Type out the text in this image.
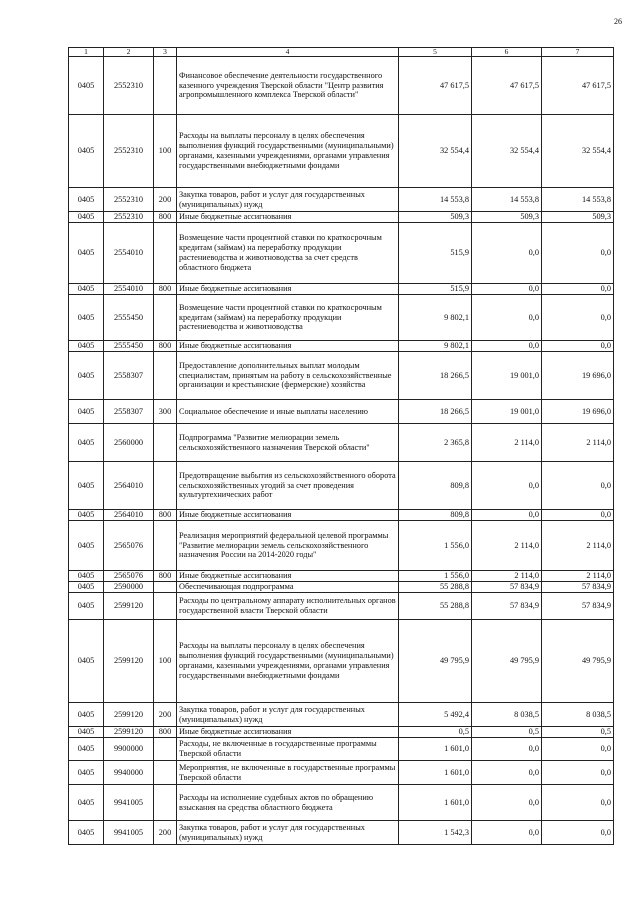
26
1	2	3	4	5	6	7
0405	2552310		Финансовое обеспечение деятельности государственного казенного учреждения Тверской области "Центр развития агропромышленного комплекса Тверской области"	47 617,5	47 617,5	47 617,5
0405	2552310	100	Расходы на выплаты персоналу в целях обеспечения выполнения функций государственными (муниципальными) органами, казенными учреждениями, органами управления государственными внебюджетными фондами	32 554,4	32 554,4	32 554,4
0405	2552310	200	Закупка товаров, работ и услуг для государственных (муниципальных) нужд	14 553,8	14 553,8	14 553,8
0405	2552310	800	Иные бюджетные ассигнования	509,3	509,3	509,3
0405	2554010		Возмещение части процентной ставки по краткосрочным кредитам (займам) на переработку продукции растениеводства и животноводства за счет средств областного бюджета	515,9	0,0	0,0
0405	2554010	800	Иные бюджетные ассигнования	515,9	0,0	0,0
0405	2555450		Возмещение части процентной ставки по краткосрочным кредитам (займам) на переработку продукции растениеводства и животноводства	9 802,1	0,0	0,0
0405	2555450	800	Иные бюджетные ассигнования	9 802,1	0,0	0,0
0405	2558307		Предоставление дополнительных выплат молодым специалистам, принятым на работу в сельскохозяйственные организации и крестьянские (фермерские) хозяйства	18 266,5	19 001,0	19 696,0
0405	2558307	300	Социальное обеспечение и иные выплаты населению	18 266,5	19 001,0	19 696,0
0405	2560000		Подпрограмма "Развитие мелиорации земель сельскохозяйственного назначения Тверской области"	2 365,8	2 114,0	2 114,0
0405	2564010		Предотвращение выбытия из сельскохозяйственного оборота сельскохозяйственных угодий за счет проведения культуртехнических работ	809,8	0,0	0,0
0405	2564010	800	Иные бюджетные ассигнования	809,8	0,0	0,0
0405	2565076		Реализация мероприятий федеральной целевой программы "Развитие мелиорации земель сельскохозяйственного назначения России на 2014-2020 годы"	1 556,0	2 114,0	2 114,0
0405	2565076	800	Иные бюджетные ассигнования	1 556,0	2 114,0	2 114,0
0405	2590000		Обеспечивающая подпрограмма	55 288,8	57 834,9	57 834,9
0405	2599120		Расходы по центральному аппарату исполнительных органов государственной власти Тверской области	55 288,8	57 834,9	57 834,9
0405	2599120	100	Расходы на выплаты персоналу в целях обеспечения выполнения функций государственными (муниципальными) органами, казенными учреждениями, органами управления государственными внебюджетными фондами	49 795,9	49 795,9	49 795,9
0405	2599120	200	Закупка товаров, работ и услуг для государственных (муниципальных) нужд	5 492,4	8 038,5	8 038,5
0405	2599120	800	Иные бюджетные ассигнования	0,5	0,5	0,5
0405	9900000		Расходы, не включенные в государственные программы Тверской области	1 601,0	0,0	0,0
0405	9940000		Мероприятия, не включенные в государственные программы Тверской области	1 601,0	0,0	0,0
0405	9941005		Расходы на исполнение судебных актов по обращению взыскания на средства областного бюджета	1 601,0	0,0	0,0
0405	9941005	200	Закупка товаров, работ и услуг для государственных (муниципальных) нужд	1 542,3	0,0	0,0
